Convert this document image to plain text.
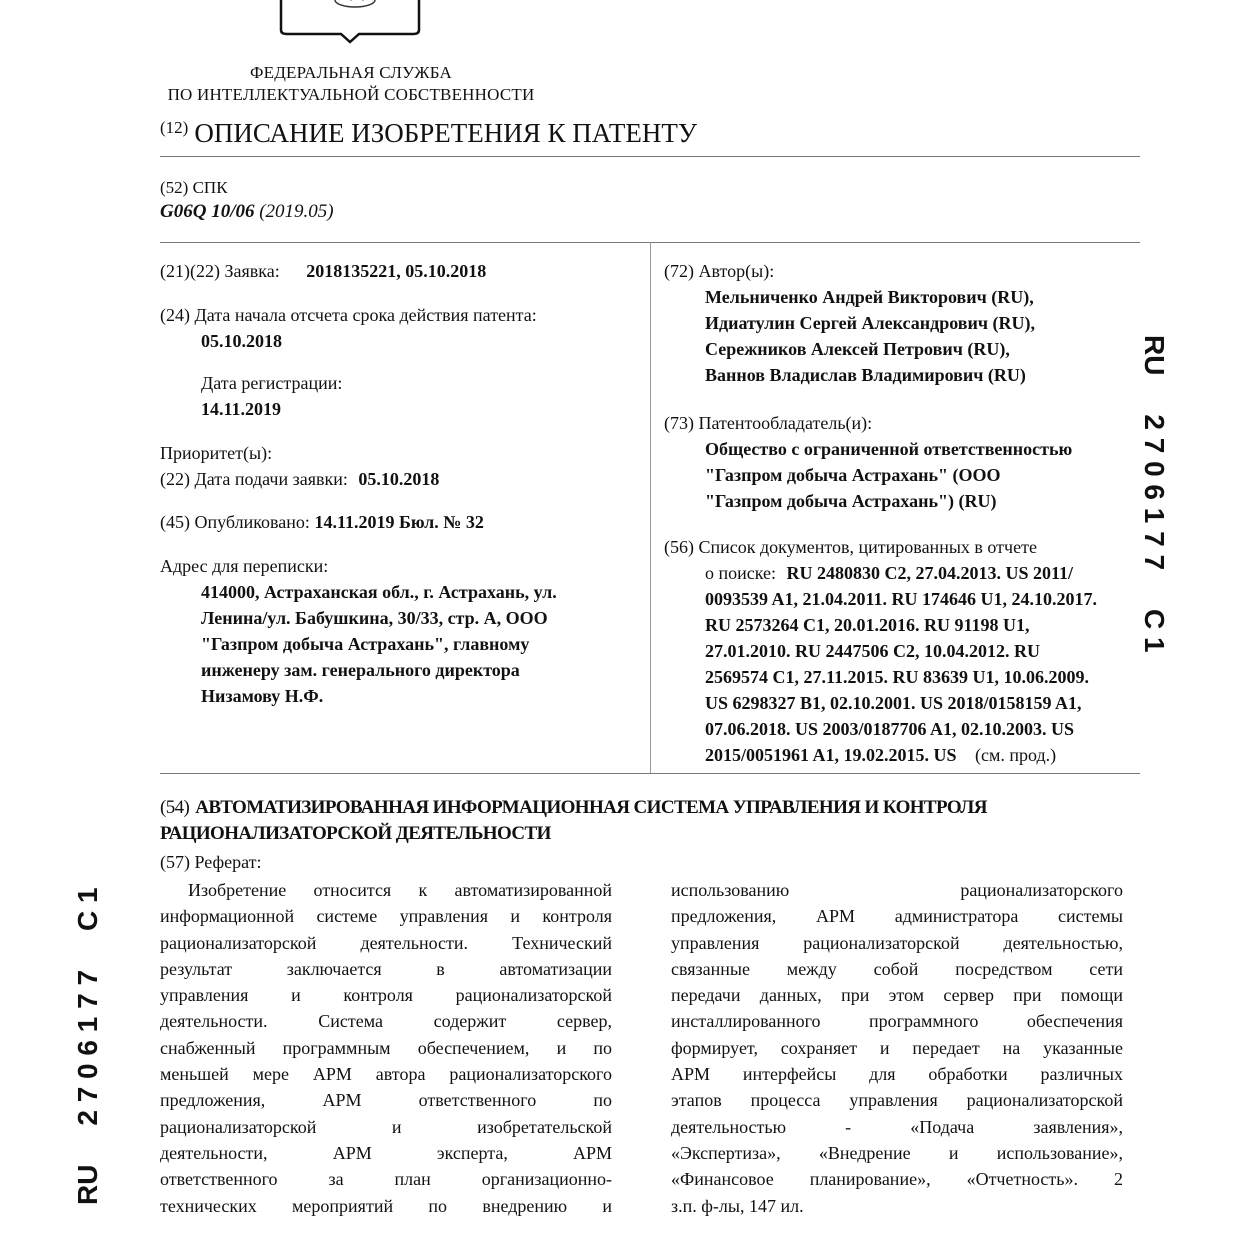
ФЕДЕРАЛЬНАЯ СЛУЖБА
ПО ИНТЕЛЛЕКТУАЛЬНОЙ СОБСТВЕННОСТИ
$^{(12)}$ ОПИСАНИЕ ИЗОБРЕТЕНИЯ К ПАТЕНТУ
(52) СПК
G06Q 10/06 (2019.05)
(21)(22) Заявка: 2018135221, 05.10.2018
(24) Дата начала отсчета срока действия патента:
05.10.2018
Дата регистрации:
14.11.2019
Приоритет(ы):
(22) Дата подачи заявки: 05.10.2018
(45) Опубликовано: 14.11.2019 Бюл. № 32
Адрес для переписки:
414000, Астраханская обл., г. Астрахань, ул.
Ленина/ул. Бабушкина, 30/33, стр. А, ООО
"Газпром добыча Астрахань", главному
инженеру зам. генерального директора
Низамову Н.Ф.
(72) Автор(ы):
Мельниченко Андрей Викторович (RU),
Идиатулин Сергей Александрович (RU),
Сережников Алексей Петрович (RU),
Ваннов Владислав Владимирович (RU)
(73) Патентообладатель(и):
Общество с ограниченной ответственностью
"Газпром добыча Астрахань" (ООО
"Газпром добыча Астрахань") (RU)
(56) Список документов, цитированных в отчете
о поиске: RU 2480830 C2, 27.04.2013. US 2011/
0093539 A1, 21.04.2011. RU 174646 U1, 24.10.2017.
RU 2573264 C1, 20.01.2016. RU 91198 U1,
27.01.2010. RU 2447506 C2, 10.04.2012. RU
2569574 C1, 27.11.2015. RU 83639 U1, 10.06.2009.
US 6298327 B1, 02.10.2001. US 2018/0158159 A1,
07.06.2018. US 2003/0187706 A1, 02.10.2003. US
2015/0051961 A1, 19.02.2015. US (см. прод.)
(54) АВТОМАТИЗИРОВАННАЯ ИНФОРМАЦИОННАЯ СИСТЕМА УПРАВЛЕНИЯ И КОНТРОЛЯ
РАЦИОНАЛИЗАТОРСКОЙ ДЕЯТЕЛЬНОСТИ
(57) Реферат:
Изобретение относится к автоматизированной
информационной системе управления и контроля
рационализаторской деятельности. Технический
результат заключается в автоматизации
управления и контроля рационализаторской
деятельности. Система содержит сервер,
снабженный программным обеспечением, и по
меньшей мере АРМ автора рационализаторского
предложения, АРМ ответственного по
рационализаторской и изобретательской
деятельности, АРМ эксперта, АРМ
ответственного за план организационно-
технических мероприятий по внедрению и
использованию рационализаторского
предложения, АРМ администратора системы
управления рационализаторской деятельностью,
связанные между собой посредством сети
передачи данных, при этом сервер при помощи
инсталлированного программного обеспечения
формирует, сохраняет и передает на указанные
АРМ интерфейсы для обработки различных
этапов процесса управления рационализаторской
деятельностью - «Подача заявления»,
«Экспертиза», «Внедрение и использование»,
«Финансовое планирование», «Отчетность». 2
з.п. ф-лы, 147 ил.
RU     2 7 0 6 1 7 7     C 1
RU     2 7 0 6 1 7 7     C 1
